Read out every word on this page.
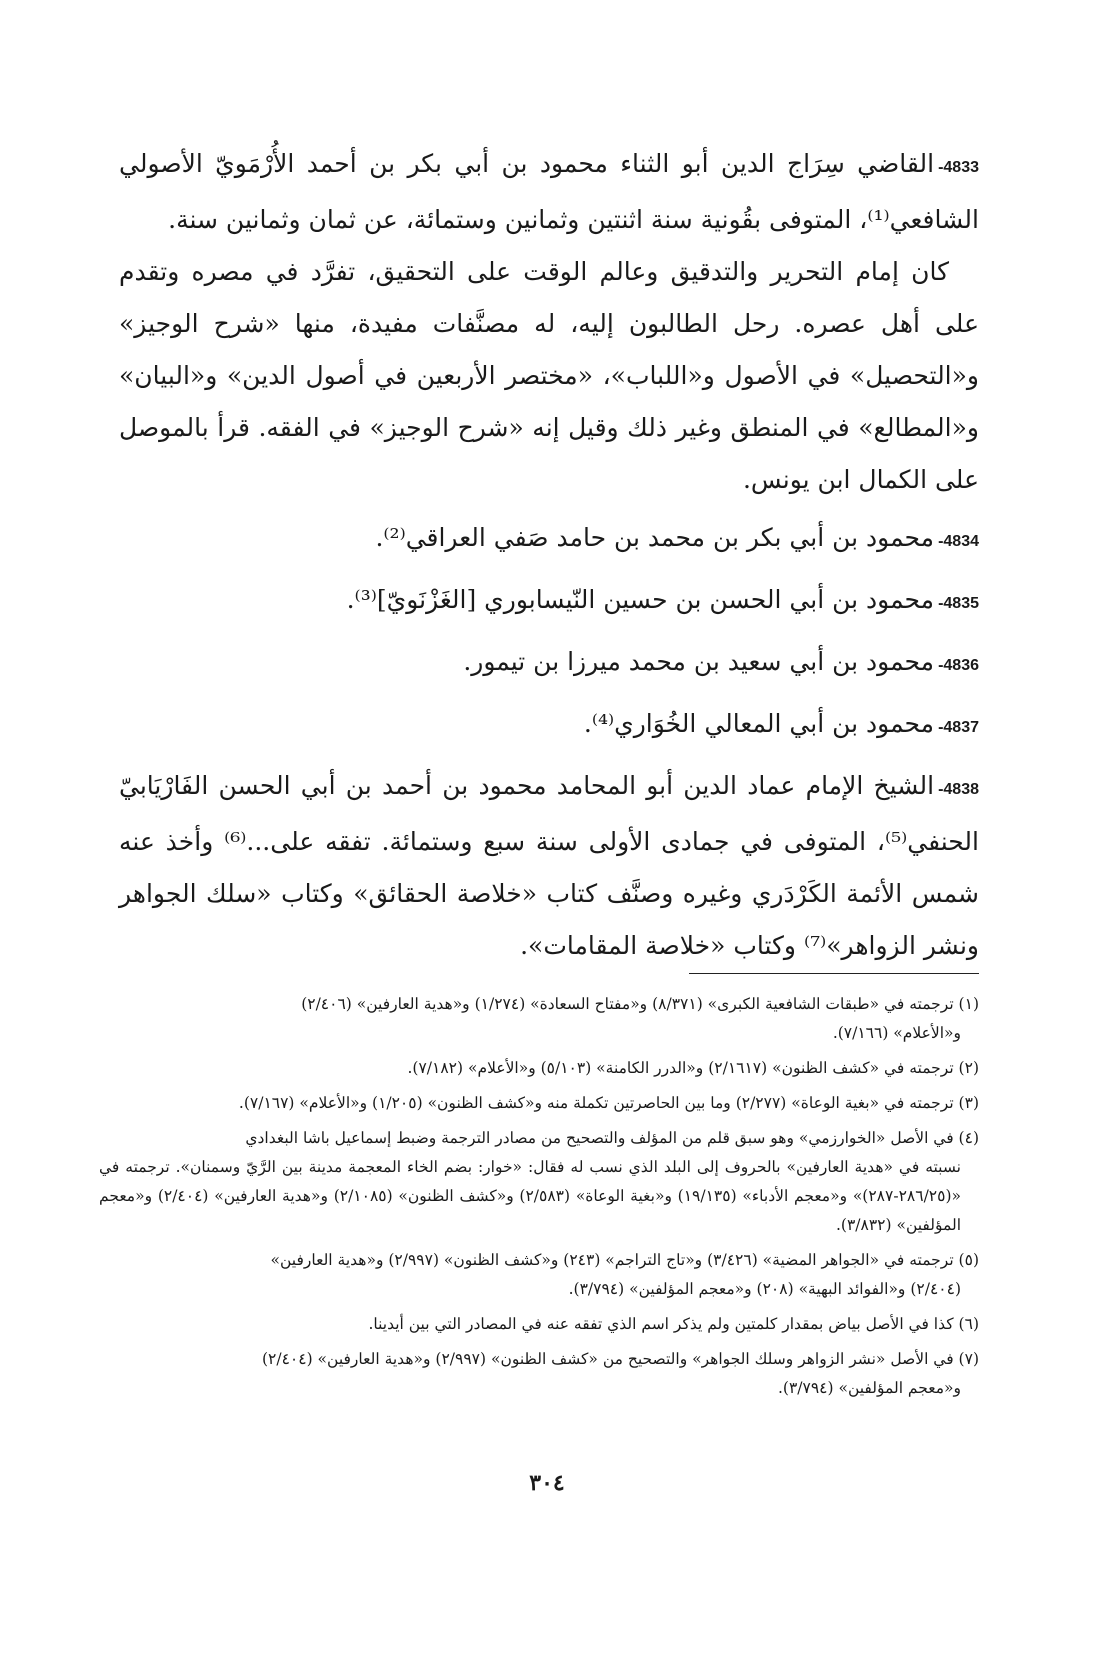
4833-القاضي سِرَاج الدين أبو الثناء محمود بن أبي بكر بن أحمد الأُرْمَويّ الأصولي الشافعي⁽¹⁾، المتوفى بقُونية سنة اثنتين وثمانين وستمائة، عن ثمان وثمانين سنة.

كان إمام التحرير والتدقيق وعالم الوقت على التحقيق، تفرَّد في مصره وتقدم على أهل عصره. رحل الطالبون إليه، له مصنَّفات مفيدة، منها «شرح الوجيز» و«التحصيل» في الأصول و«اللباب»، «مختصر الأربعين في أصول الدين» و«البيان» و«المطالع» في المنطق وغير ذلك وقيل إنه «شرح الوجيز» في الفقه. قرأ بالموصل على الكمال ابن يونس.

4834-محمود بن أبي بكر بن محمد بن حامد صَفي العراقي⁽²⁾.

4835-محمود بن أبي الحسن بن حسين النّيسابوري [الغَزْنَويّ]⁽³⁾.

4836-محمود بن أبي سعيد بن محمد ميرزا بن تيمور.

4837-محمود بن أبي المعالي الخُوَاري⁽⁴⁾.

4838-الشيخ الإمام عماد الدين أبو المحامد محمود بن أحمد بن أبي الحسن الفَارْيَابيّ الحنفي⁽⁵⁾، المتوفى في جمادى الأولى سنة سبع وستمائة. تفقه على...⁽⁶⁾ وأخذ عنه شمس الأئمة الكَرْدَري وغيره وصنَّف كتاب «خلاصة الحقائق» وكتاب «سلك الجواهر ونشر الزواهر»⁽⁷⁾ وكتاب «خلاصة المقامات».

(١) ترجمته في «طبقات الشافعية الكبرى» (٨/٣٧١) و«مفتاح السعادة» (١/٢٧٤) و«هدية العارفين» (٢/٤٠٦)
و«الأعلام» (٧/١٦٦).

(٢) ترجمته في «كشف الظنون» (٢/١٦١٧) و«الدرر الكامنة» (٥/١٠٣) و«الأعلام» (٧/١٨٢).

(٣) ترجمته في «بغية الوعاة» (٢/٢٧٧) وما بين الحاصرتين تكملة منه و«كشف الظنون» (١/٢٠٥) و«الأعلام» (٧/١٦٧).

(٤) في الأصل «الخوارزمي» وهو سبق قلم من المؤلف والتصحيح من مصادر الترجمة وضبط إسماعيل باشا البغدادي
نسبته في «هدية العارفين» بالحروف إلى البلد الذي نسب له فقال: «خوار: بضم الخاء المعجمة مدينة بين الرَّيّ وسمنان». ترجمته في «(٢٨٦/٢٥-٢٨٧)» و«معجم الأدباء» (١٩/١٣٥) و«بغية الوعاة» (٢/٥٨٣) و«كشف الظنون» (٢/١٠٨٥) و«هدية العارفين» (٢/٤٠٤) و«معجم المؤلفين» (٣/٨٣٢).

(٥) ترجمته في «الجواهر المضية» (٣/٤٢٦) و«تاج التراجم» (٢٤٣) و«كشف الظنون» (٢/٩٩٧) و«هدية العارفين»
(٢/٤٠٤) و«الفوائد البهية» (٢٠٨) و«معجم المؤلفين» (٣/٧٩٤).

(٦) كذا في الأصل بياض بمقدار كلمتين ولم يذكر اسم الذي تفقه عنه في المصادر التي بين أيدينا.

(٧) في الأصل «نشر الزواهر وسلك الجواهر» والتصحيح من «كشف الظنون» (٢/٩٩٧) و«هدية العارفين» (٢/٤٠٤)
و«معجم المؤلفين» (٣/٧٩٤).

٣٠٤
